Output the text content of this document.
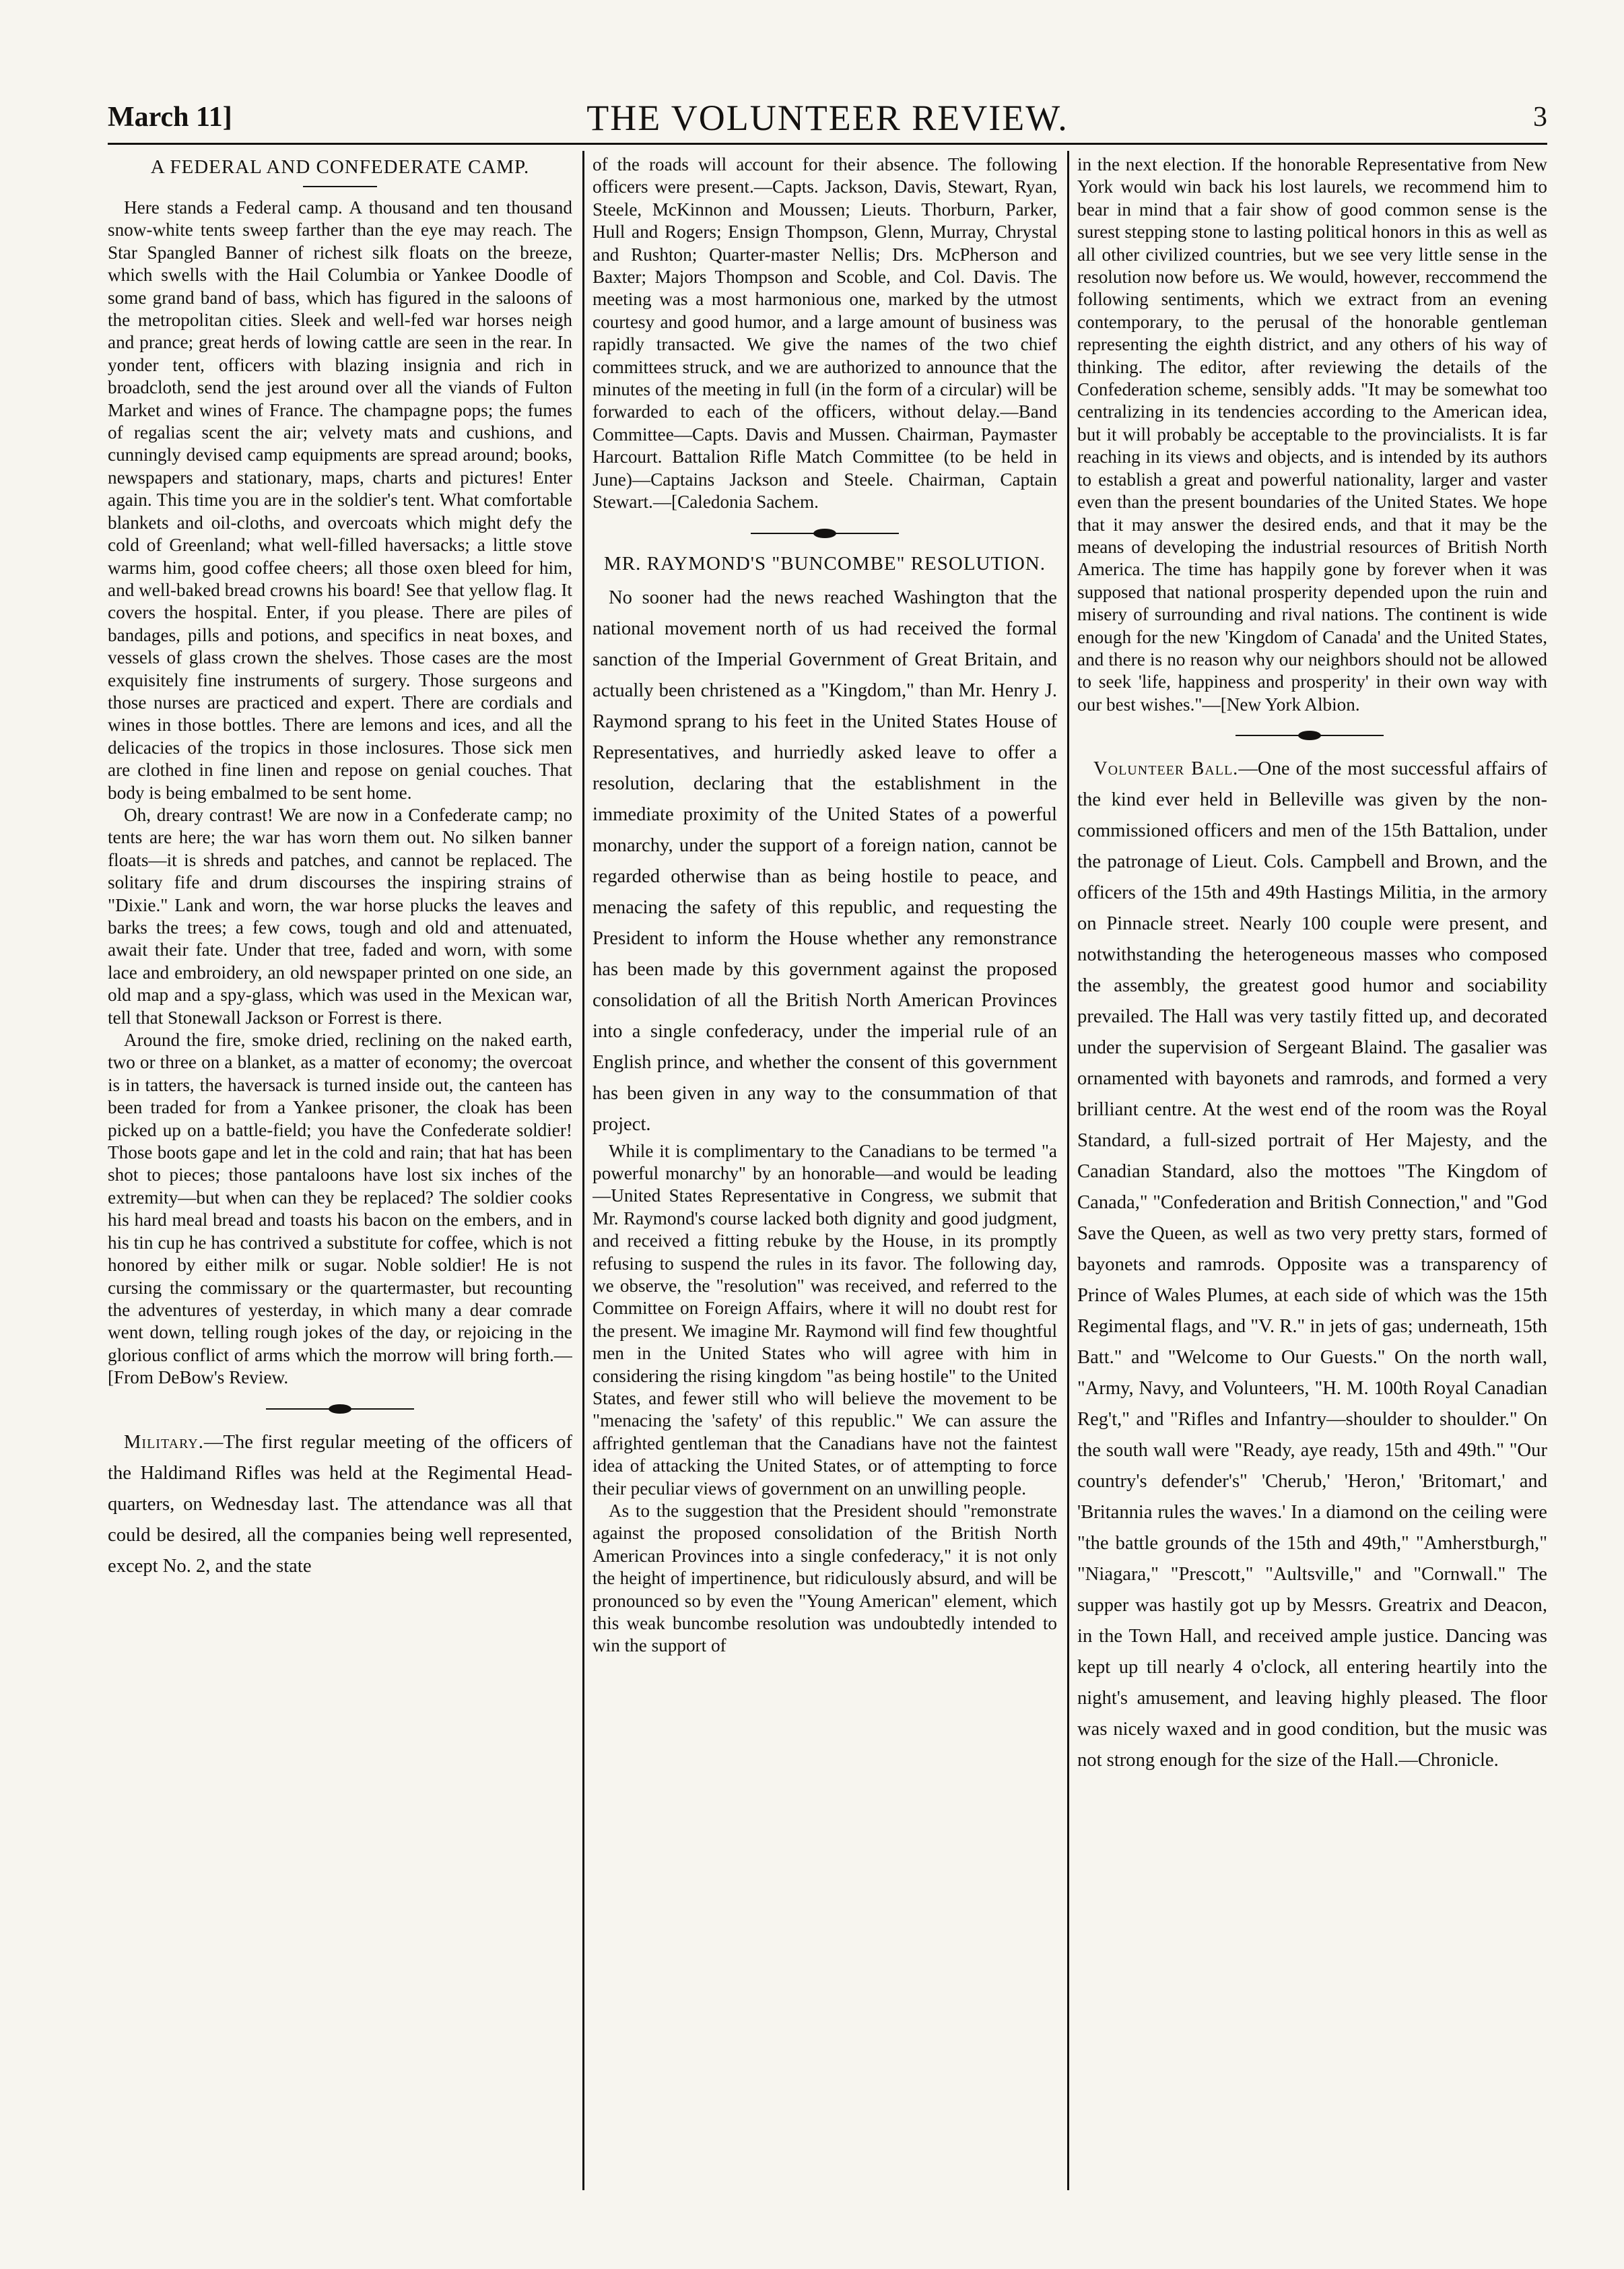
March 11]	THE VOLUNTEER REVIEW.	3
A FEDERAL AND CONFEDERATE CAMP.

Here stands a Federal camp. A thousand and ten thousand snow-white tents sweep farther than the eye may reach. The Star Spangled Banner of richest silk floats on the breeze, which swells with the Hail Columbia or Yankee Doodle of some grand band of bass, which has figured in the saloons of the metropolitan cities. Sleek and well-fed war horses neigh and prance; great herds of lowing cattle are seen in the rear. In yonder tent, officers with blazing insignia and rich in broadcloth, send the jest around over all the viands of Fulton Market and wines of France. The champagne pops; the fumes of regalias scent the air; velvety mats and cushions, and cunningly devised camp equipments are spread around; books, newspapers and stationary, maps, charts and pictures! Enter again. This time you are in the soldier's tent. What comfortable blankets and oil-cloths, and overcoats which might defy the cold of Greenland; what well-filled haversacks; a little stove warms him, good coffee cheers; all those oxen bleed for him, and well-baked bread crowns his board! See that yellow flag. It covers the hospital. Enter, if you please. There are piles of bandages, pills and potions, and specifics in neat boxes, and vessels of glass crown the shelves. Those cases are the most exquisitely fine instruments of surgery. Those surgeons and those nurses are practiced and expert. There are cordials and wines in those bottles. There are lemons and ices, and all the delicacies of the tropics in those inclosures. Those sick men are clothed in fine linen and repose on genial couches. That body is being embalmed to be sent home.

Oh, dreary contrast! We are now in a Confederate camp; no tents are here; the war has worn them out. No silken banner floats—it is shreds and patches, and cannot be replaced. The solitary fife and drum discourses the inspiring strains of "Dixie." Lank and worn, the war horse plucks the leaves and barks the trees; a few cows, tough and old and attenuated, await their fate. Under that tree, faded and worn, with some lace and embroidery, an old newspaper printed on one side, an old map and a spy-glass, which was used in the Mexican war, tell that Stonewall Jackson or Forrest is there.

Around the fire, smoke dried, reclining on the naked earth, two or three on a blanket, as a matter of economy; the overcoat is in tatters, the haversack is turned inside out, the canteen has been traded for from a Yankee prisoner, the cloak has been picked up on a battle-field; you have the Confederate soldier! Those boots gape and let in the cold and rain; that hat has been shot to pieces; those pantaloons have lost six inches of the extremity—but when can they be replaced? The soldier cooks his hard meal bread and toasts his bacon on the embers, and in his tin cup he has contrived a substitute for coffee, which is not honored by either milk or sugar. Noble soldier! He is not cursing the commissary or the quartermaster, but recounting the adventures of yesterday, in which many a dear comrade went down, telling rough jokes of the day, or rejoicing in the glorious conflict of arms which the morrow will bring forth.—[From DeBow's Review.

Military.—The first regular meeting of the officers of the Haldimand Rifles was held at the Regimental Head-quarters, on Wednesday last. The attendance was all that could be desired, all the companies being well represented, except No. 2, and the state

of the roads will account for their absence. The following officers were present.—Capts. Jackson, Davis, Stewart, Ryan, Steele, McKinnon and Moussen; Lieuts. Thorburn, Parker, Hull and Rogers; Ensign Thompson, Glenn, Murray, Chrystal and Rushton; Quarter-master Nellis; Drs. McPherson and Baxter; Majors Thompson and Scoble, and Col. Davis. The meeting was a most harmonious one, marked by the utmost courtesy and good humor, and a large amount of business was rapidly transacted. We give the names of the two chief committees struck, and we are authorized to announce that the minutes of the meeting in full (in the form of a circular) will be forwarded to each of the officers, without delay.—Band Committee—Capts. Davis and Mussen. Chairman, Paymaster Harcourt. Battalion Rifle Match Committee (to be held in June)—Captains Jackson and Steele. Chairman, Captain Stewart.—[Caledonia Sachem.

MR. RAYMOND'S "BUNCOMBE" RESOLUTION.

No sooner had the news reached Washington that the national movement north of us had received the formal sanction of the Imperial Government of Great Britain, and actually been christened as a "Kingdom," than Mr. Henry J. Raymond sprang to his feet in the United States House of Representatives, and hurriedly asked leave to offer a resolution, declaring that the establishment in the immediate proximity of the United States of a powerful monarchy, under the support of a foreign nation, cannot be regarded otherwise than as being hostile to peace, and menacing the safety of this republic, and requesting the President to inform the House whether any remonstrance has been made by this government against the proposed consolidation of all the British North American Provinces into a single confederacy, under the imperial rule of an English prince, and whether the consent of this government has been given in any way to the consummation of that project.

While it is complimentary to the Canadians to be termed "a powerful monarchy" by an honorable—and would be leading—United States Representative in Congress, we submit that Mr. Raymond's course lacked both dignity and good judgment, and received a fitting rebuke by the House, in its promptly refusing to suspend the rules in its favor. The following day, we observe, the "resolution" was received, and referred to the Committee on Foreign Affairs, where it will no doubt rest for the present. We imagine Mr. Raymond will find few thoughtful men in the United States who will agree with him in considering the rising kingdom "as being hostile" to the United States, and fewer still who will believe the movement to be "menacing the 'safety' of this republic." We can assure the affrighted gentleman that the Canadians have not the faintest idea of attacking the United States, or of attempting to force their peculiar views of government on an unwilling people.

As to the suggestion that the President should "remonstrate against the proposed consolidation of the British North American Provinces into a single confederacy," it is not only the height of impertinence, but ridiculously absurd, and will be pronounced so by even the "Young American" element, which this weak buncombe resolution was undoubtedly intended to win the support of

in the next election. If the honorable Representative from New York would win back his lost laurels, we recommend him to bear in mind that a fair show of good common sense is the surest stepping stone to lasting political honors in this as well as all other civilized countries, but we see very little sense in the resolution now before us. We would, however, reccommend the following sentiments, which we extract from an evening contemporary, to the perusal of the honorable gentleman representing the eighth district, and any others of his way of thinking. The editor, after reviewing the details of the Confederation scheme, sensibly adds. "It may be somewhat too centralizing in its tendencies according to the American idea, but it will probably be acceptable to the provincialists. It is far reaching in its views and objects, and is intended by its authors to establish a great and powerful nationality, larger and vaster even than the present boundaries of the United States. We hope that it may answer the desired ends, and that it may be the means of developing the industrial resources of British North America. The time has happily gone by forever when it was supposed that national prosperity depended upon the ruin and misery of surrounding and rival nations. The continent is wide enough for the new 'Kingdom of Canada' and the United States, and there is no reason why our neighbors should not be allowed to seek 'life, happiness and prosperity' in their own way with our best wishes."—[New York Albion.

Volunteer Ball.—One of the most successful affairs of the kind ever held in Belleville was given by the non-commissioned officers and men of the 15th Battalion, under the patronage of Lieut. Cols. Campbell and Brown, and the officers of the 15th and 49th Hastings Militia, in the armory on Pinnacle street. Nearly 100 couple were present, and notwithstanding the heterogeneous masses who composed the assembly, the greatest good humor and sociability prevailed. The Hall was very tastily fitted up, and decorated under the supervision of Sergeant Blaind. The gasalier was ornamented with bayonets and ramrods, and formed a very brilliant centre. At the west end of the room was the Royal Standard, a full-sized portrait of Her Majesty, and the Canadian Standard, also the mottoes "The Kingdom of Canada," "Confederation and British Connection," and "God Save the Queen, as well as two very pretty stars, formed of bayonets and ramrods. Opposite was a transparency of Prince of Wales Plumes, at each side of which was the 15th Regimental flags, and "V. R." in jets of gas; underneath, 15th Batt." and "Welcome to Our Guests." On the north wall, "Army, Navy, and Volunteers, "H. M. 100th Royal Canadian Reg't," and "Rifles and Infantry—shoulder to shoulder." On the south wall were "Ready, aye ready, 15th and 49th." "Our country's defender's" 'Cherub,' 'Heron,' 'Britomart,' and 'Britannia rules the waves.' In a diamond on the ceiling were "the battle grounds of the 15th and 49th," "Amherstburgh," "Niagara," "Prescott," "Aultsville," and "Cornwall." The supper was hastily got up by Messrs. Greatrix and Deacon, in the Town Hall, and received ample justice. Dancing was kept up till nearly 4 o'clock, all entering heartily into the night's amusement, and leaving highly pleased. The floor was nicely waxed and in good condition, but the music was not strong enough for the size of the Hall.—Chronicle.
